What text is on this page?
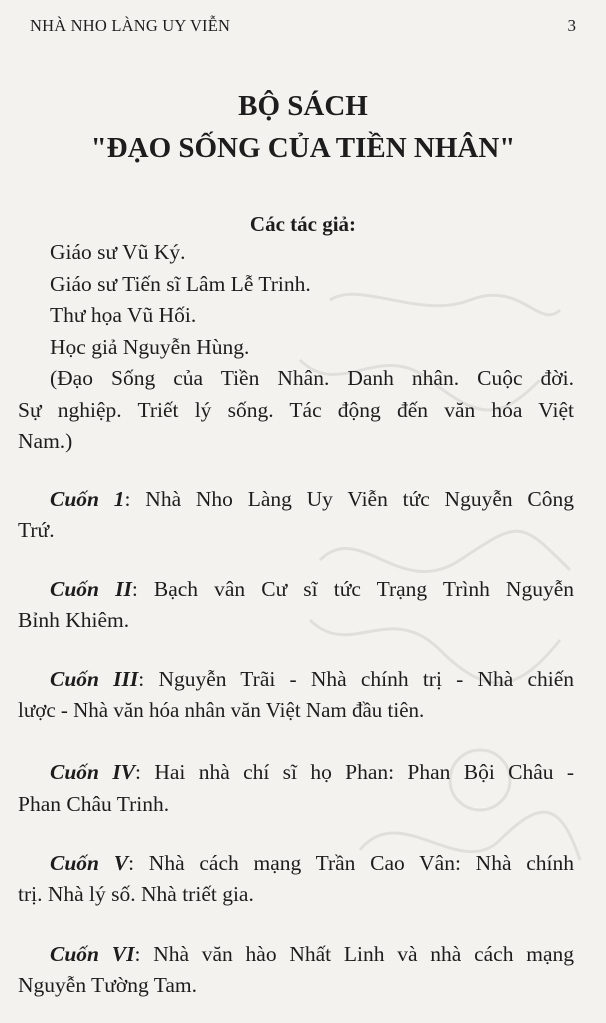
NHÀ NHO LÀNG UY VIỄN	3
BỘ SÁCH
"ĐẠO SỐNG CỦA TIỀN NHÂN"
Các tác giả:
Giáo sư Vũ Ký.
Giáo sư Tiến sĩ Lâm Lễ Trinh.
Thư họa Vũ Hối.
Học giả Nguyễn Hùng.
(Đạo Sống của Tiền Nhân. Danh nhân. Cuộc đời.
Sự nghiệp. Triết lý sống. Tác động đến văn hóa Việt
Nam.)
Cuốn 1: Nhà Nho Làng Uy Viễn tức Nguyễn Công
Trứ.
Cuốn II: Bạch vân Cư sĩ tức Trạng Trình Nguyễn
Bỉnh Khiêm.
Cuốn III: Nguyễn Trãi - Nhà chính trị - Nhà chiến
lược - Nhà văn hóa nhân văn Việt Nam đầu tiên.
Cuốn IV: Hai nhà chí sĩ họ Phan: Phan Bội Châu -
Phan Châu Trinh.
Cuốn V: Nhà cách mạng Trần Cao Vân: Nhà chính
trị. Nhà lý số. Nhà triết gia.
Cuốn VI: Nhà văn hào Nhất Linh và nhà cách mạng
Nguyễn Tường Tam.
